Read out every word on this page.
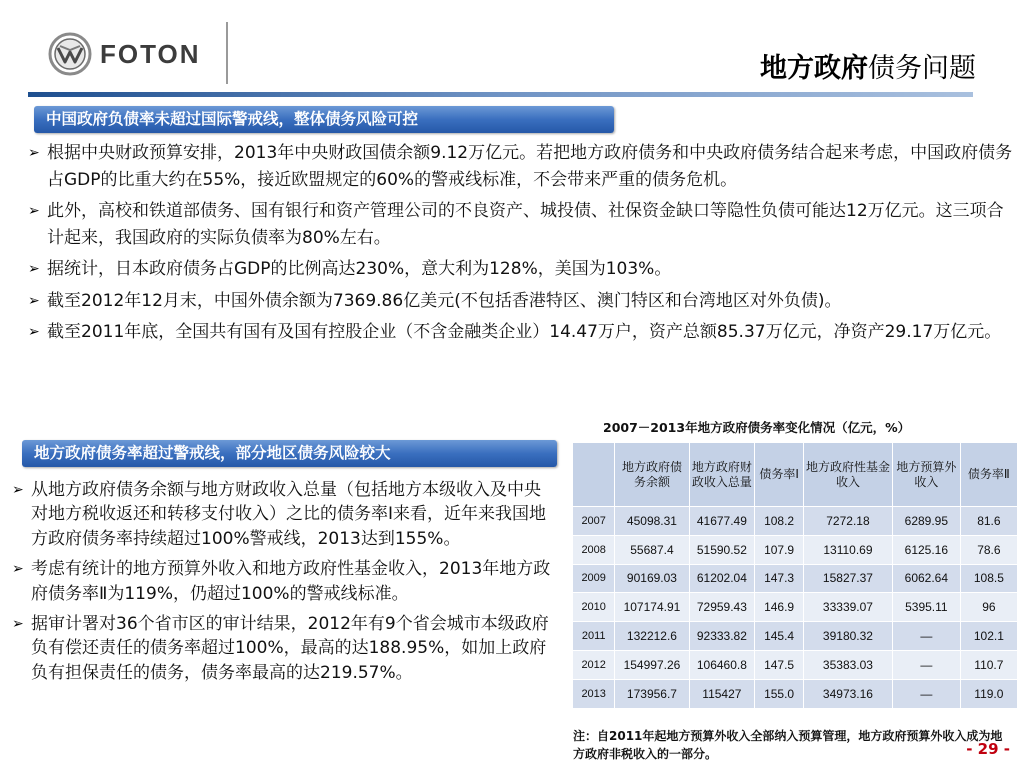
FOTON	地方政府债务问题
中国政府负债率未超过国际警戒线，整体债务风险可控
➢ 根据中央财政预算安排，2013年中央财政国债余额9.12万亿元。若把地方政府债务和中央政府债务结合起来考虑，中国政府债务占GDP的比重大约在55%，接近欧盟规定的60%的警戒线标准，不会带来严重的债务危机。
➢ 此外，高校和铁道部债务、国有银行和资产管理公司的不良资产、城投债、社保资金缺口等隐性负债可能达12万亿元。这三项合计起来，我国政府的实际负债率为80%左右。
➢ 据统计，日本政府债务占GDP的比例高达230%，意大利为128%，美国为103%。
➢ 截至2012年12月末，中国外债余额为7369.86亿美元(不包括香港特区、澳门特区和台湾地区对外负债)。
➢ 截至2011年底，全国共有国有及国有控股企业（不含金融类企业）14.47万户，资产总额85.37万亿元，净资产29.17万亿元。
地方政府债务率超过警戒线，部分地区债务风险较大
➢ 从地方政府债务余额与地方财政收入总量（包括地方本级收入及中央对地方税收返还和转移支付收入）之比的债务率Ⅰ来看，近年来我国地方政府债务率持续超过100%警戒线，2013达到155%。
➢ 考虑有统计的地方预算外收入和地方政府性基金收入，2013年地方政府债务率Ⅱ为119%，仍超过100%的警戒线标准。
➢ 据审计署对36个省市区的审计结果，2012年有9个省会城市本级政府负有偿还责任的债务率超过100%，最高的达188.95%，如加上政府负有担保责任的债务，债务率最高的达219.57%。
2007－2013年地方政府债务率变化情况（亿元，%）
	地方政府债务余额	地方政府财政收入总量	债务率Ⅰ	地方政府性基金收入	地方预算外收入	债务率Ⅱ
2007	45098.31	41677.49	108.2	7272.18	6289.95	81.6
2008	55687.4	51590.52	107.9	13110.69	6125.16	78.6
2009	90169.03	61202.04	147.3	15827.37	6062.64	108.5
2010	107174.91	72959.43	146.9	33339.07	5395.11	96
2011	132212.6	92333.82	145.4	39180.32	—	102.1
2012	154997.26	106460.8	147.5	35383.03	—	110.7
2013	173956.7	115427	155.0	34973.16	—	119.0
注：自2011年起地方预算外收入全部纳入预算管理，地方政府预算外收入成为地方政府非税收入的一部分。	- 29 -
